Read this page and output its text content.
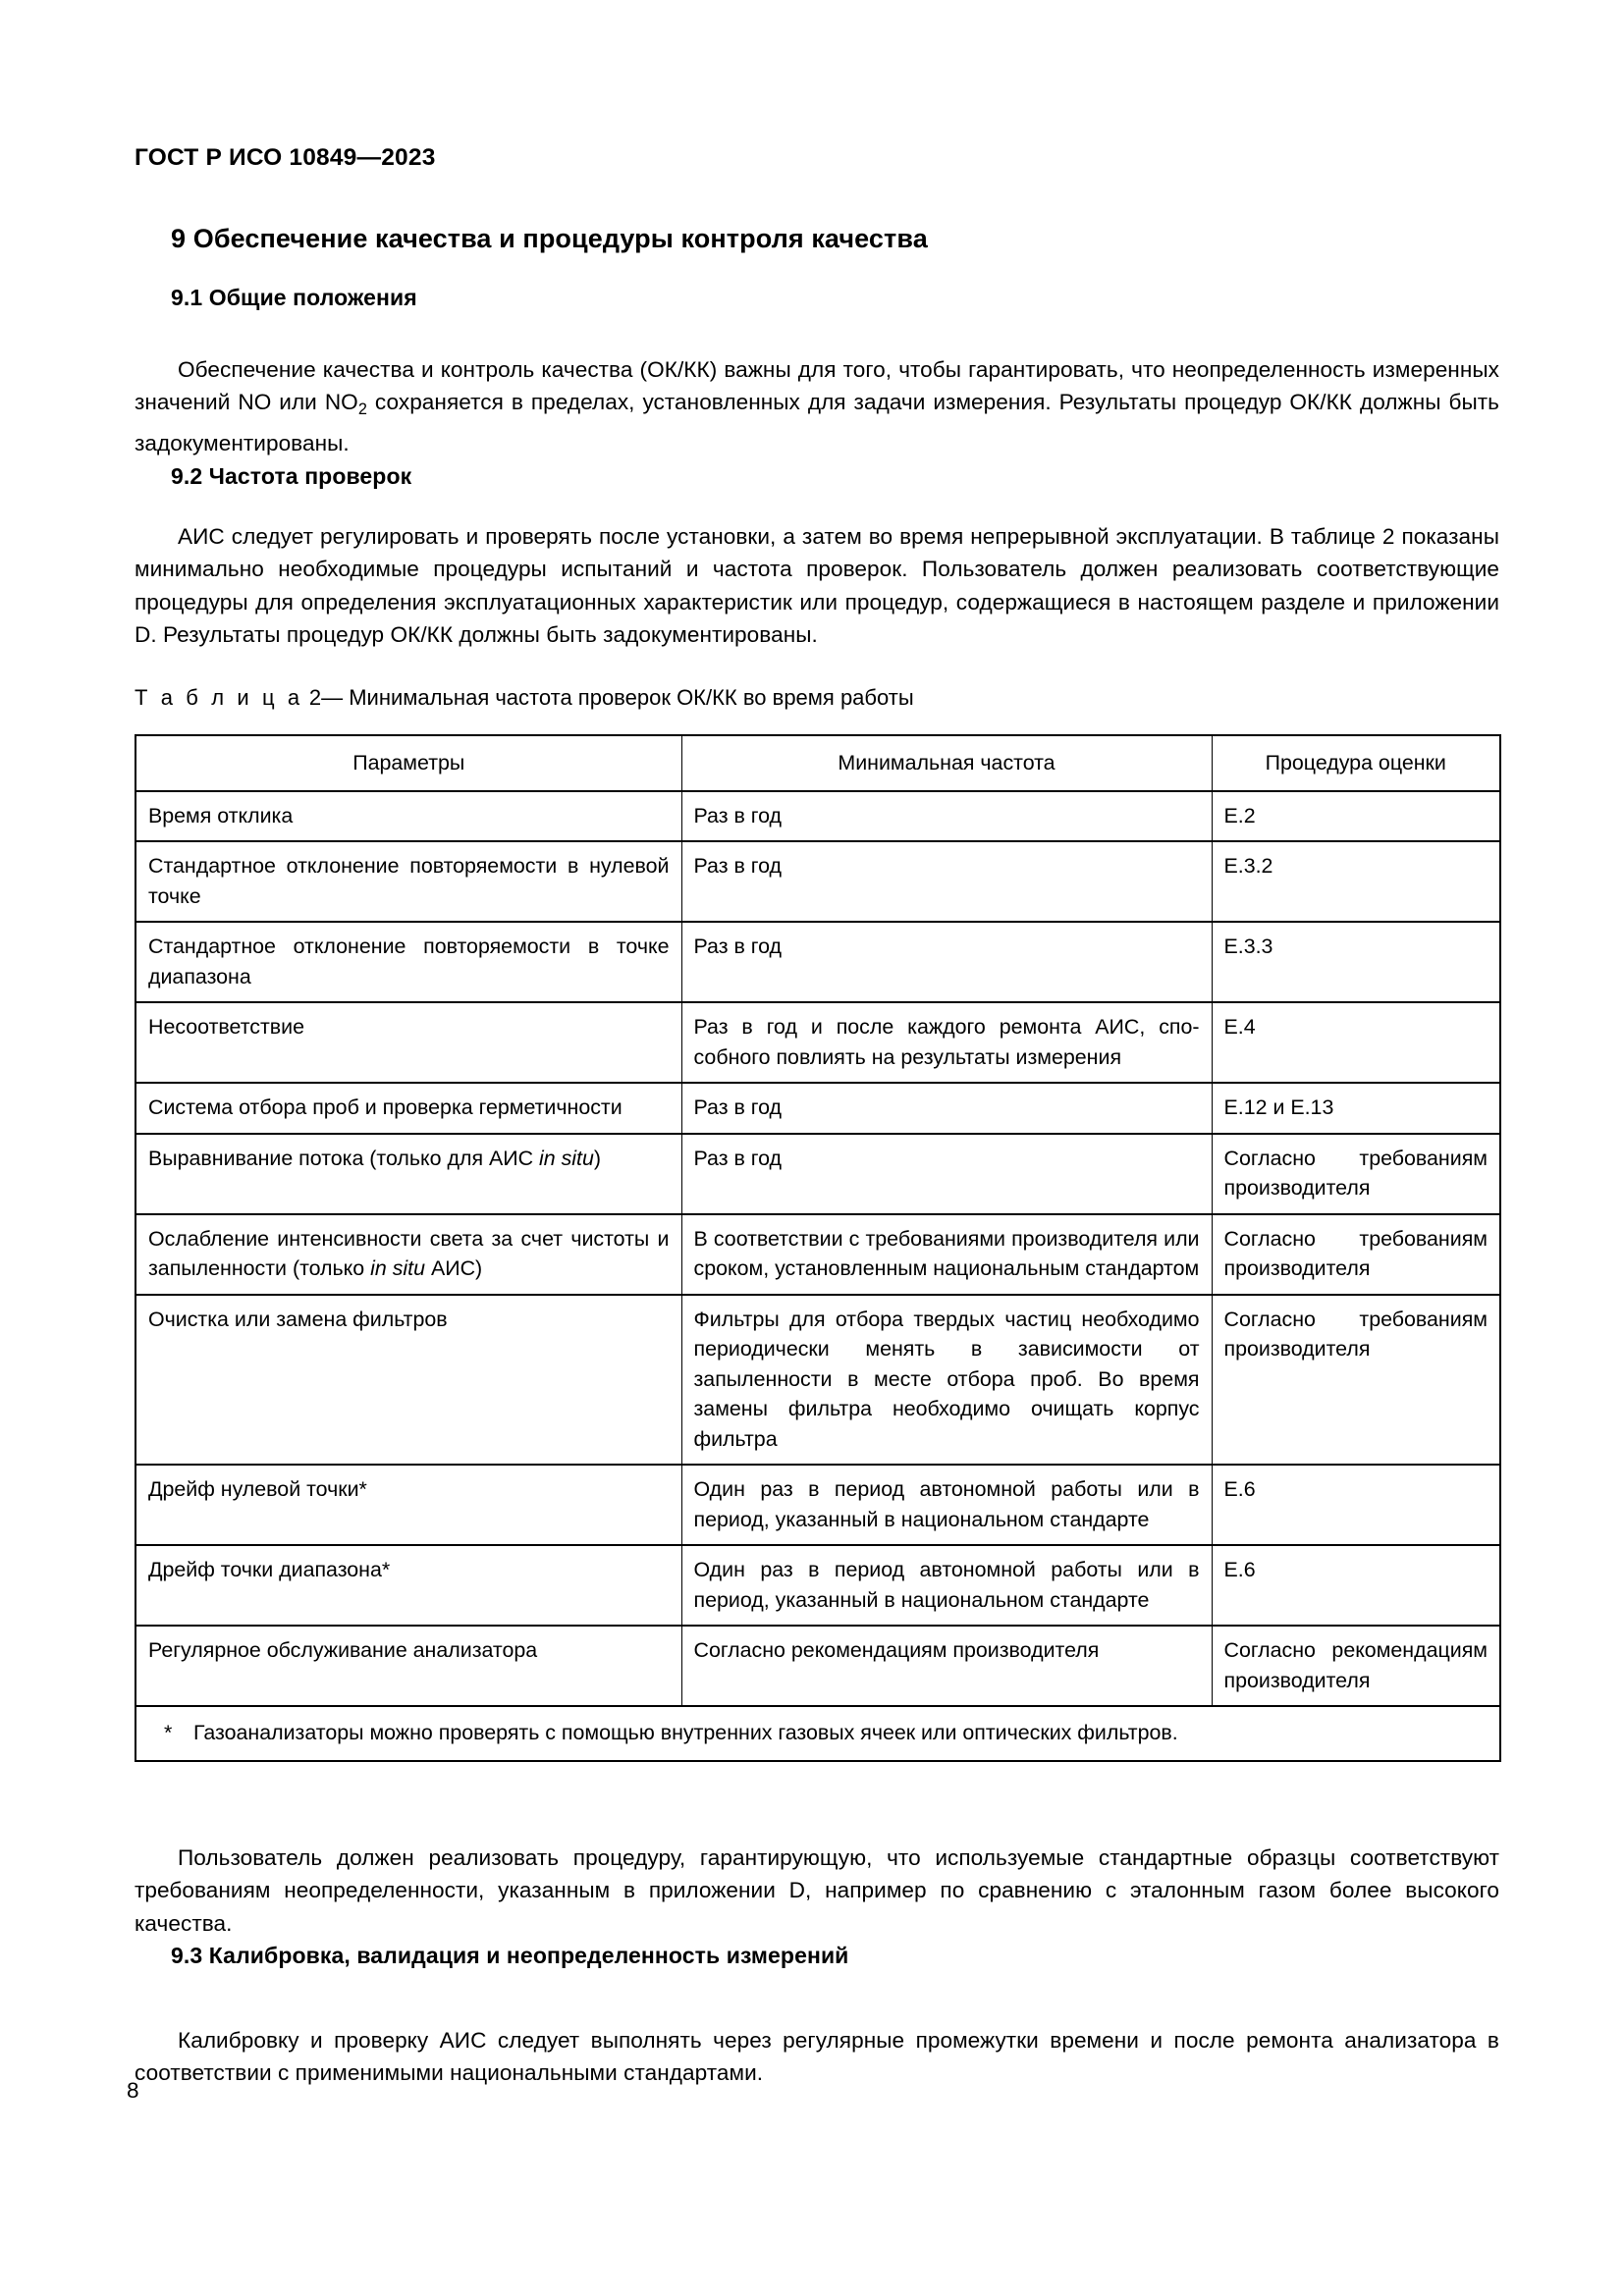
ГОСТ Р ИСО 10849—2023
9 Обеспечение качества и процедуры контроля качества
9.1 Общие положения

Обеспечение качества и контроль качества (ОК/КК) важны для того, чтобы гарантировать, что неопределенность измеренных значений NO или $NO_2$ сохраняется в пределах, установленных для задачи измерения. Результаты процедур ОК/КК должны быть задокументированы.

9.2 Частота проверок

АИС следует регулировать и проверять после установки, а затем во время непрерывной эксплуатации. В таблице 2 показаны минимально необходимые процедуры испытаний и частота проверок. Пользователь должен реализовать соответствующие процедуры для определения эксплуатационных характеристик или процедур, содержащиеся в настоящем разделе и приложении D. Результаты процедур ОК/КК должны быть задокументированы.

Т а б л и ц а 2— Минимальная частота проверок ОК/КК во время работы
Параметры	Минимальная частота	Процедура оценки
Время отклика	Раз в год	E.2
Стандартное отклонение повторяемости в нулевой точке	Раз в год	E.3.2
Стандартное отклонение повторяемости в точке диапазона	Раз в год	E.3.3
Несоответствие	Раз в год и после каждого ремонта АИС, способного повлиять на результаты измерения	E.4
Система отбора проб и проверка герметичности	Раз в год	E.12 и E.13
Выравнивание потока (только для АИС in situ)	Раз в год	Согласно требованиям производителя
Ослабление интенсивности света за счет чистоты и запыленности (только in situ АИС)	В соответствии с требованиями производителя или сроком, установленным национальным стандартом	Согласно требованиям производителя
Очистка или замена фильтров	Фильтры для отбора твердых частиц необходимо периодически менять в зависимости от запыленности в месте отбора проб. Во время замены фильтра необходимо очищать корпус фильтра	Согласно требованиям производителя
Дрейф нулевой точки*	Один раз в период автономной работы или в период, указанный в национальном стандарте	E.6
Дрейф точки диапазона*	Один раз в период автономной работы или в период, указанный в национальном стандарте	E.6
Регулярное обслуживание анализатора	Согласно рекомендациям производителя	Согласно рекомендациям производителя
* Газоанализаторы можно проверять с помощью внутренних газовых ячеек или оптических фильтров.		

Пользователь должен реализовать процедуру, гарантирующую, что используемые стандартные образцы соответствуют требованиям неопределенности, указанным в приложении D, например по сравнению с эталонным газом более высокого качества.

9.3 Калибровка, валидация и неопределенность измерений

Калибровку и проверку АИС следует выполнять через регулярные промежутки времени и после ремонта анализатора в соответствии с применимыми национальными стандартами.

8
